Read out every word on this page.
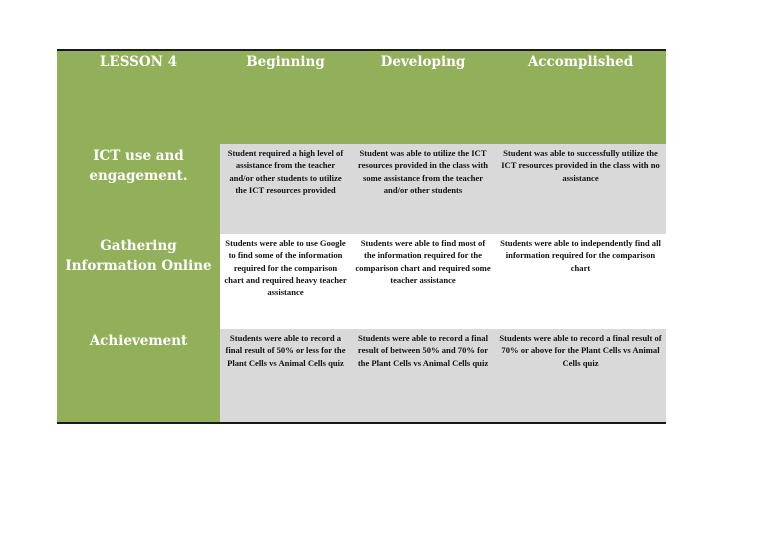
LESSON 4	Beginning	Developing	Accomplished
ICT use and engagement.	Student required a high level of assistance from the teacher and/or other students to utilize the ICT resources provided	Student was able to utilize the ICT resources provided in the class with some assistance from the teacher and/or other students	Student was able to successfully utilize the ICT resources provided in the class with no assistance
Gathering Information Online	Students were able to use Google to find some of the information required for the comparison chart and required heavy teacher assistance	Students were able to find most of the information required for the comparison chart and required some teacher assistance	Students were able to independently find all information required for the comparison chart
Achievement	Students were able to record a final result of 50% or less for the Plant Cells vs Animal Cells quiz	Students were able to record a final result of between 50% and 70% for the Plant Cells vs Animal Cells quiz	Students were able to record a final result of 70% or above for the Plant Cells vs Animal Cells quiz
